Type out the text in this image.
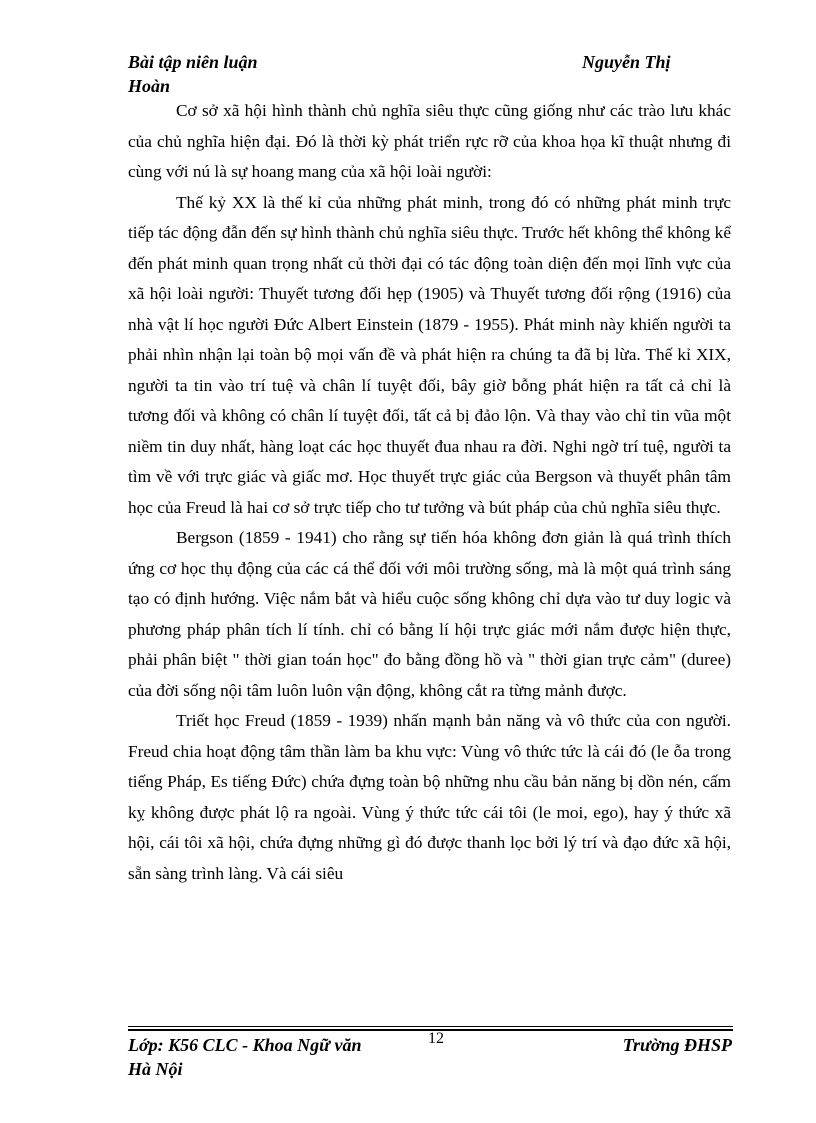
Bài tập niên luận
Hoàn
Nguyễn Thị

Cơ sở xã hội hình thành chủ nghĩa siêu thực cũng giống như các trào lưu khác của chủ nghĩa hiện đại. Đó là thời kỳ phát triển rực rỡ của khoa họa kĩ thuật nhưng đi cùng với nú là sự hoang mang của xã hội loài người:

Thế kỷ XX là thế kỉ của những phát minh, trong đó có những phát minh trực tiếp tác động đẫn đến sự hình thành chủ nghĩa siêu thực. Trước hết không thể không kể đến phát minh quan trọng nhất củ thời đại có tác động toàn diện đến mọi lĩnh vực của xã hội loài người: Thuyết tương đối hẹp (1905) và Thuyết tương đối rộng (1916) của nhà vật lí học người Đức Albert Einstein (1879 - 1955). Phát minh này khiến người ta phải nhìn nhận lại toàn bộ mọi vấn đề và phát hiện ra chúng ta đã bị lừa. Thế kỉ XIX, người ta tin vào trí tuệ và chân lí tuyệt đối, bây giờ bỗng phát hiện ra tất cả chỉ là tương đối và không có chân lí tuyệt đối, tất cả bị đảo lộn. Và thay vào chỉ tin vũa một niềm tin duy nhất, hàng loạt các học thuyết đua nhau ra đời. Nghi ngờ trí tuệ, người ta tìm về với trực giác và giấc mơ. Học thuyết trực giác của Bergson và thuyết phân tâm học của Freud là hai cơ sở trực tiếp cho tư tưởng và bút pháp của chủ nghĩa siêu thực.

Bergson (1859 - 1941) cho rằng sự tiến hóa không đơn giản là quá trình thích ứng cơ học thụ động của các cá thể đối với môi trường sống, mà là một quá trình sáng tạo có định hướng. Việc nắm bắt và hiểu cuộc sống không chỉ dựa vào tư duy logic và phương pháp phân tích lí tính. chỉ có bằng lí hội trực giác mới nắm được hiện thực, phải phân biệt " thời gian toán học" đo bằng đồng hồ và " thời gian trực cảm" (duree) của đời sống nội tâm luôn luôn vận động, không cắt ra từng mảnh được.

Triết học Freud (1859 - 1939) nhấn mạnh bản năng và vô thức của con người. Freud chia hoạt động tâm thần làm ba khu vực: Vùng vô thức tức là cái đó (le ỗa trong tiếng Pháp, Es tiếng Đức) chứa đựng toàn bộ những nhu cầu bản năng bị dồn nén, cấm kỵ không được phát lộ ra ngoài. Vùng ý thức tức cái tôi (le moi, ego), hay ý thức xã hội, cái tôi xã hội, chứa đựng những gì đó được thanh lọc bởi lý trí và đạo đức xã hội, sẵn sàng trình làng. Và cái siêu

Lớp: K56 CLC - Khoa Ngữ văn
Hà Nội
12	Trường ĐHSP
